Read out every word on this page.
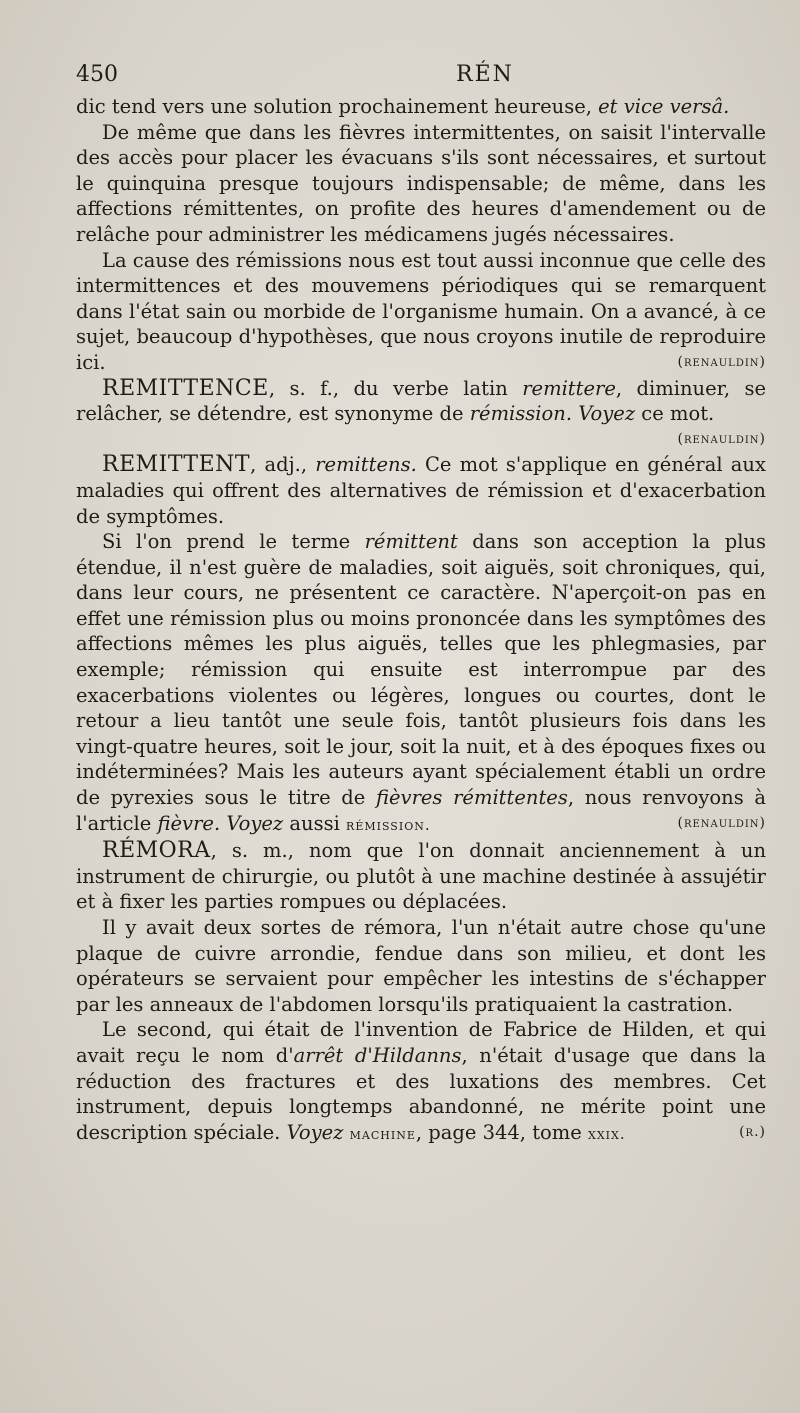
450	RÉN

dic tend vers une solution prochainement heureuse, et vice versâ.

De même que dans les fièvres intermittentes, on saisit l'intervalle des accès pour placer les évacuans s'ils sont nécessaires, et surtout le quinquina presque toujours indispensable; de même, dans les affections rémittentes, on profite des heures d'amendement ou de relâche pour administrer les médicamens jugés nécessaires.

La cause des rémissions nous est tout aussi inconnue que celle des intermittences et des mouvemens périodiques qui se remarquent dans l'état sain ou morbide de l'organisme humain. On a avancé, à ce sujet, beaucoup d'hypothèses, que nous croyons inutile de reproduire ici.	(renauldin)

REMITTENCE, s. f., du verbe latin remittere, diminuer, se relâcher, se détendre, est synonyme de rémission. Voyez ce mot.
(renauldin)

REMITTENT, adj., remittens. Ce mot s'applique en général aux maladies qui offrent des alternatives de rémission et d'exacerbation de symptômes.

Si l'on prend le terme rémittent dans son acception la plus étendue, il n'est guère de maladies, soit aiguës, soit chroniques, qui, dans leur cours, ne présentent ce caractère. N'aperçoit-on pas en effet une rémission plus ou moins prononcée dans les symptômes des affections mêmes les plus aiguës, telles que les phlegmasies, par exemple; rémission qui ensuite est interrompue par des exacerbations violentes ou légères, longues ou courtes, dont le retour a lieu tantôt une seule fois, tantôt plusieurs fois dans les vingt-quatre heures, soit le jour, soit la nuit, et à des époques fixes ou indéterminées? Mais les auteurs ayant spécialement établi un ordre de pyrexies sous le titre de fièvres rémittentes, nous renvoyons à l'article fièvre. Voyez aussi rémission.	(renauldin)

RÉMORA, s. m., nom que l'on donnait anciennement à un instrument de chirurgie, ou plutôt à une machine destinée à assujétir et à fixer les parties rompues ou déplacées.

Il y avait deux sortes de rémora, l'un n'était autre chose qu'une plaque de cuivre arrondie, fendue dans son milieu, et dont les opérateurs se servaient pour empêcher les intestins de s'échapper par les anneaux de l'abdomen lorsqu'ils pratiquaient la castration.

Le second, qui était de l'invention de Fabrice de Hilden, et qui avait reçu le nom d'arrêt d'Hildanns, n'était d'usage que dans la réduction des fractures et des luxations des membres. Cet instrument, depuis longtemps abandonné, ne mérite point une description spéciale. Voyez machine, page 344, tome xxix.	(r.)
